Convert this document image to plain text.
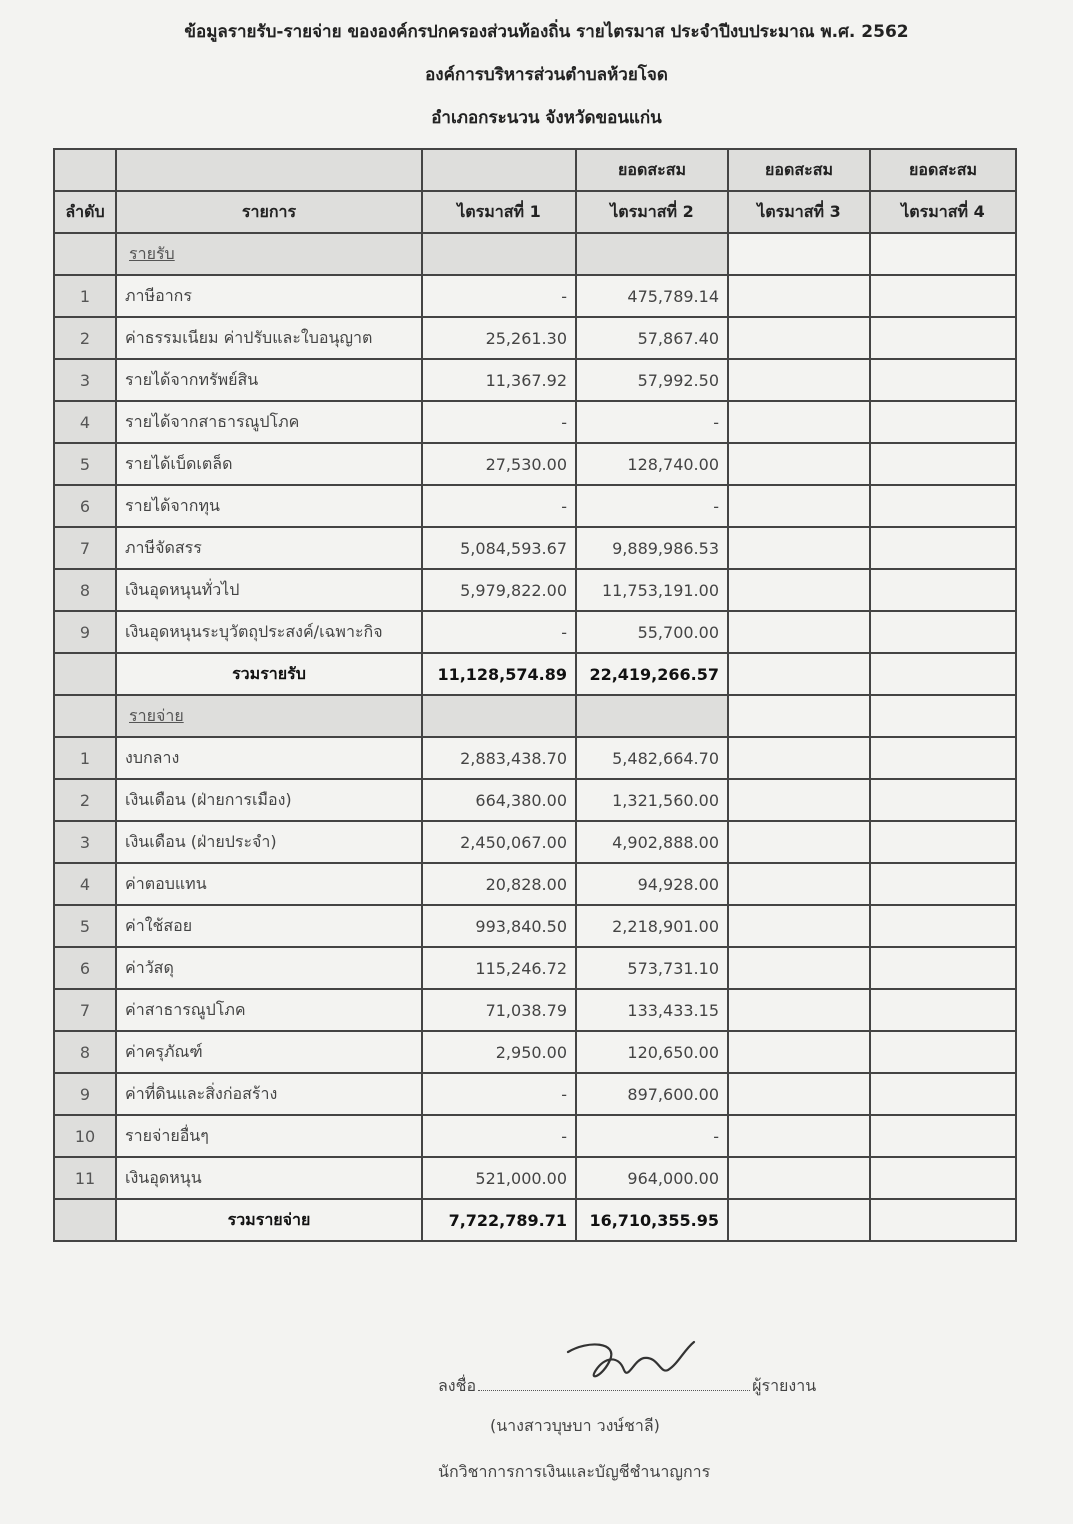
ข้อมูลรายรับ-รายจ่าย ขององค์กรปกครองส่วนท้องถิ่น รายไตรมาส ประจำปีงบประมาณ พ.ศ. 2562
องค์การบริหารส่วนตำบลห้วยโจด
อำเภอกระนวน จังหวัดขอนแก่น
			ยอดสะสม	ยอดสะสม	ยอดสะสม
ลำดับ	รายการ	ไตรมาสที่ 1	ไตรมาสที่ 2	ไตรมาสที่ 3	ไตรมาสที่ 4
	รายรับ				
1	ภาษีอากร	-	475,789.14		
2	ค่าธรรมเนียม ค่าปรับและใบอนุญาต	25,261.30	57,867.40		
3	รายได้จากทรัพย์สิน	11,367.92	57,992.50		
4	รายได้จากสาธารณูปโภค	-	-		
5	รายได้เบ็ดเตล็ด	27,530.00	128,740.00		
6	รายได้จากทุน	-	-		
7	ภาษีจัดสรร	5,084,593.67	9,889,986.53		
8	เงินอุดหนุนทั่วไป	5,979,822.00	11,753,191.00		
9	เงินอุดหนุนระบุวัตถุประสงค์/เฉพาะกิจ	-	55,700.00		
	รวมรายรับ	11,128,574.89	22,419,266.57		
	รายจ่าย				
1	งบกลาง	2,883,438.70	5,482,664.70		
2	เงินเดือน (ฝ่ายการเมือง)	664,380.00	1,321,560.00		
3	เงินเดือน (ฝ่ายประจำ)	2,450,067.00	4,902,888.00		
4	ค่าตอบแทน	20,828.00	94,928.00		
5	ค่าใช้สอย	993,840.50	2,218,901.00		
6	ค่าวัสดุ	115,246.72	573,731.10		
7	ค่าสาธารณูปโภค	71,038.79	133,433.15		
8	ค่าครุภัณฑ์	2,950.00	120,650.00		
9	ค่าที่ดินและสิ่งก่อสร้าง	-	897,600.00		
10	รายจ่ายอื่นๆ	-	-		
11	เงินอุดหนุน	521,000.00	964,000.00		
	รวมรายจ่าย	7,722,789.71	16,710,355.95		
ลงชื่อ	ผู้รายงาน
(นางสาวบุษบา วงษ์ชาลี)
นักวิชาการการเงินและบัญชีชำนาญการ
